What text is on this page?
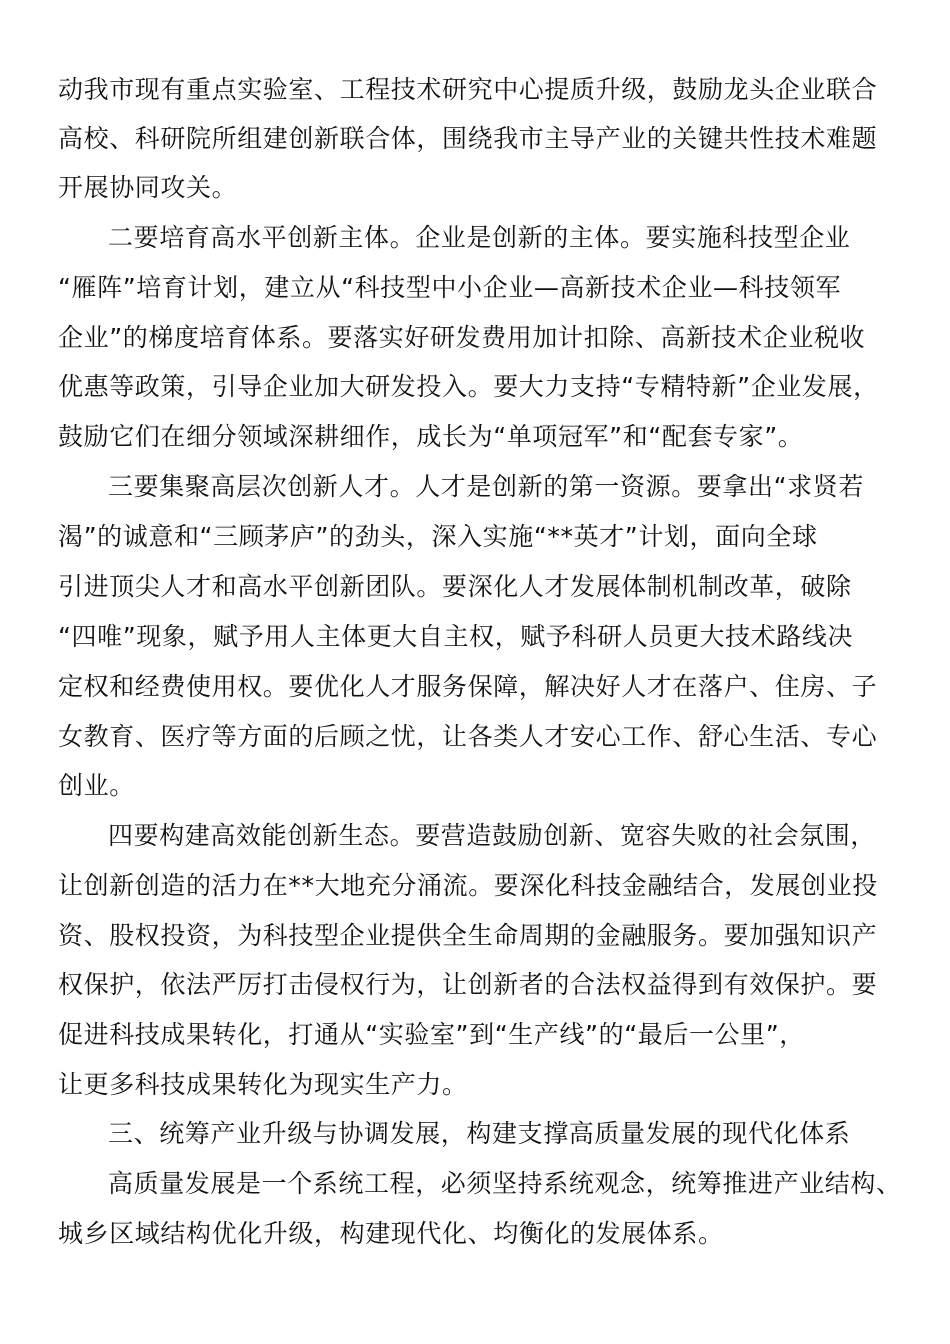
动我市现有重点实验室、工程技术研究中心提质升级，鼓励龙头企业联合
高校、科研院所组建创新联合体，围绕我市主导产业的关键共性技术难题
开展协同攻关。
二要培育高水平创新主体。企业是创新的主体。要实施科技型企业
“雁阵”培育计划，建立从“科技型中小企业—高新技术企业—科技领军
企业”的梯度培育体系。要落实好研发费用加计扣除、高新技术企业税收
优惠等政策，引导企业加大研发投入。要大力支持“专精特新”企业发展，
鼓励它们在细分领域深耕细作，成长为“单项冠军”和“配套专家”。
三要集聚高层次创新人才。人才是创新的第一资源。要拿出“求贤若
渴”的诚意和“三顾茅庐”的劲头，深入实施“**英才”计划，面向全球
引进顶尖人才和高水平创新团队。要深化人才发展体制机制改革，破除
“四唯”现象，赋予用人主体更大自主权，赋予科研人员更大技术路线决
定权和经费使用权。要优化人才服务保障，解决好人才在落户、住房、子
女教育、医疗等方面的后顾之忧，让各类人才安心工作、舒心生活、专心
创业。
四要构建高效能创新生态。要营造鼓励创新、宽容失败的社会氛围，
让创新创造的活力在**大地充分涌流。要深化科技金融结合，发展创业投
资、股权投资，为科技型企业提供全生命周期的金融服务。要加强知识产
权保护，依法严厉打击侵权行为，让创新者的合法权益得到有效保护。要
促进科技成果转化，打通从“实验室”到“生产线”的“最后一公里”，
让更多科技成果转化为现实生产力。
三、统筹产业升级与协调发展，构建支撑高质量发展的现代化体系
高质量发展是一个系统工程，必须坚持系统观念，统筹推进产业结构、
城乡区域结构优化升级，构建现代化、均衡化的发展体系。
